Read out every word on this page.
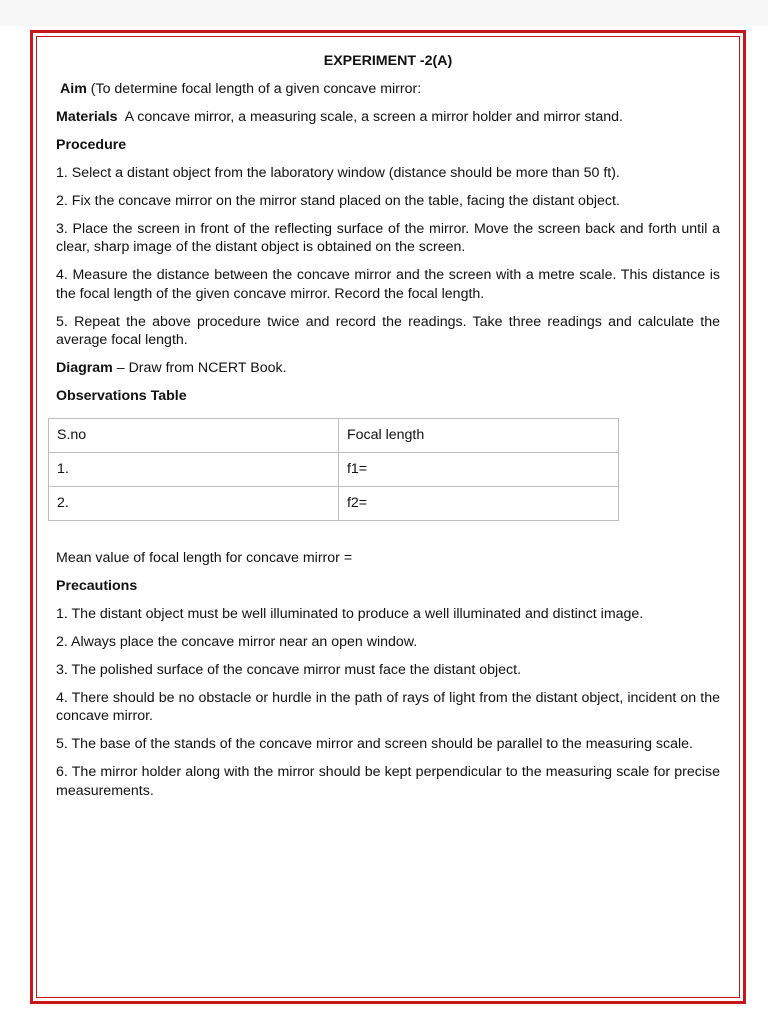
EXPERIMENT -2(A)
Aim (To determine focal length of a given concave mirror:
Materials A concave mirror, a measuring scale, a screen a mirror holder and mirror stand.
Procedure
1. Select a distant object from the laboratory window (distance should be more than 50 ft).
2. Fix the concave mirror on the mirror stand placed on the table, facing the distant object.
3. Place the screen in front of the reflecting surface of the mirror. Move the screen back and forth until a clear, sharp image of the distant object is obtained on the screen.
4. Measure the distance between the concave mirror and the screen with a metre scale. This distance is the focal length of the given concave mirror. Record the focal length.
5. Repeat the above procedure twice and record the readings. Take three readings and calculate the average focal length.
Diagram – Draw from NCERT Book.
Observations Table
S.no	Focal length
1.	f1=
2.	f2=
Mean value of focal length for concave mirror =
Precautions
1. The distant object must be well illuminated to produce a well illuminated and distinct image.
2. Always place the concave mirror near an open window.
3. The polished surface of the concave mirror must face the distant object.
4. There should be no obstacle or hurdle in the path of rays of light from the distant object, incident on the concave mirror.
5. The base of the stands of the concave mirror and screen should be parallel to the measuring scale.
6. The mirror holder along with the mirror should be kept perpendicular to the measuring scale for precise measurements.
